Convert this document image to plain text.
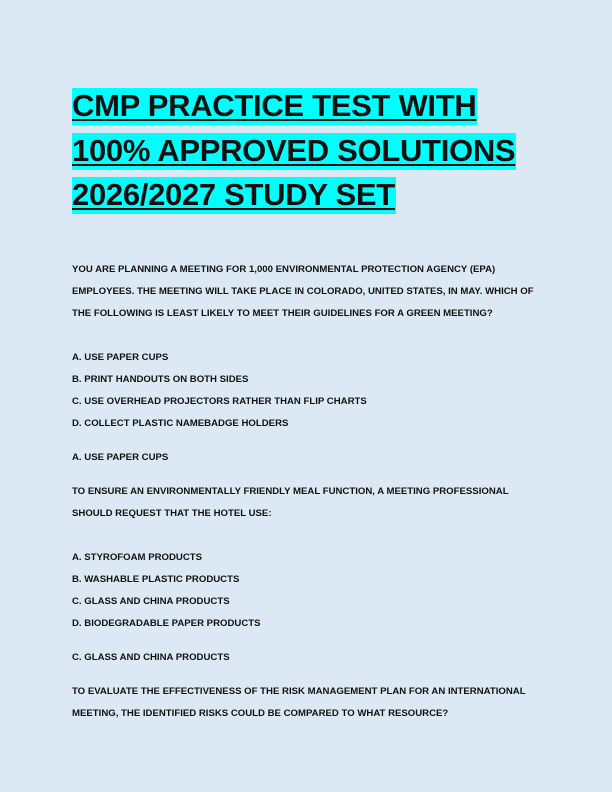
CMP PRACTICE TEST WITH
100% APPROVED SOLUTIONS
2026/2027 STUDY SET

YOU ARE PLANNING A MEETING FOR 1,000 ENVIRONMENTAL PROTECTION AGENCY (EPA) EMPLOYEES. THE MEETING WILL TAKE PLACE IN COLORADO, UNITED STATES, IN MAY. WHICH OF THE FOLLOWING IS LEAST LIKELY TO MEET THEIR GUIDELINES FOR A GREEN MEETING?

A. USE PAPER CUPS
B. PRINT HANDOUTS ON BOTH SIDES
C. USE OVERHEAD PROJECTORS RATHER THAN FLIP CHARTS
D. COLLECT PLASTIC NAMEBADGE HOLDERS

A. USE PAPER CUPS

TO ENSURE AN ENVIRONMENTALLY FRIENDLY MEAL FUNCTION, A MEETING PROFESSIONAL SHOULD REQUEST THAT THE HOTEL USE:

A. STYROFOAM PRODUCTS
B. WASHABLE PLASTIC PRODUCTS
C. GLASS AND CHINA PRODUCTS
D. BIODEGRADABLE PAPER PRODUCTS

C. GLASS AND CHINA PRODUCTS

TO EVALUATE THE EFFECTIVENESS OF THE RISK MANAGEMENT PLAN FOR AN INTERNATIONAL MEETING, THE IDENTIFIED RISKS COULD BE COMPARED TO WHAT RESOURCE?
